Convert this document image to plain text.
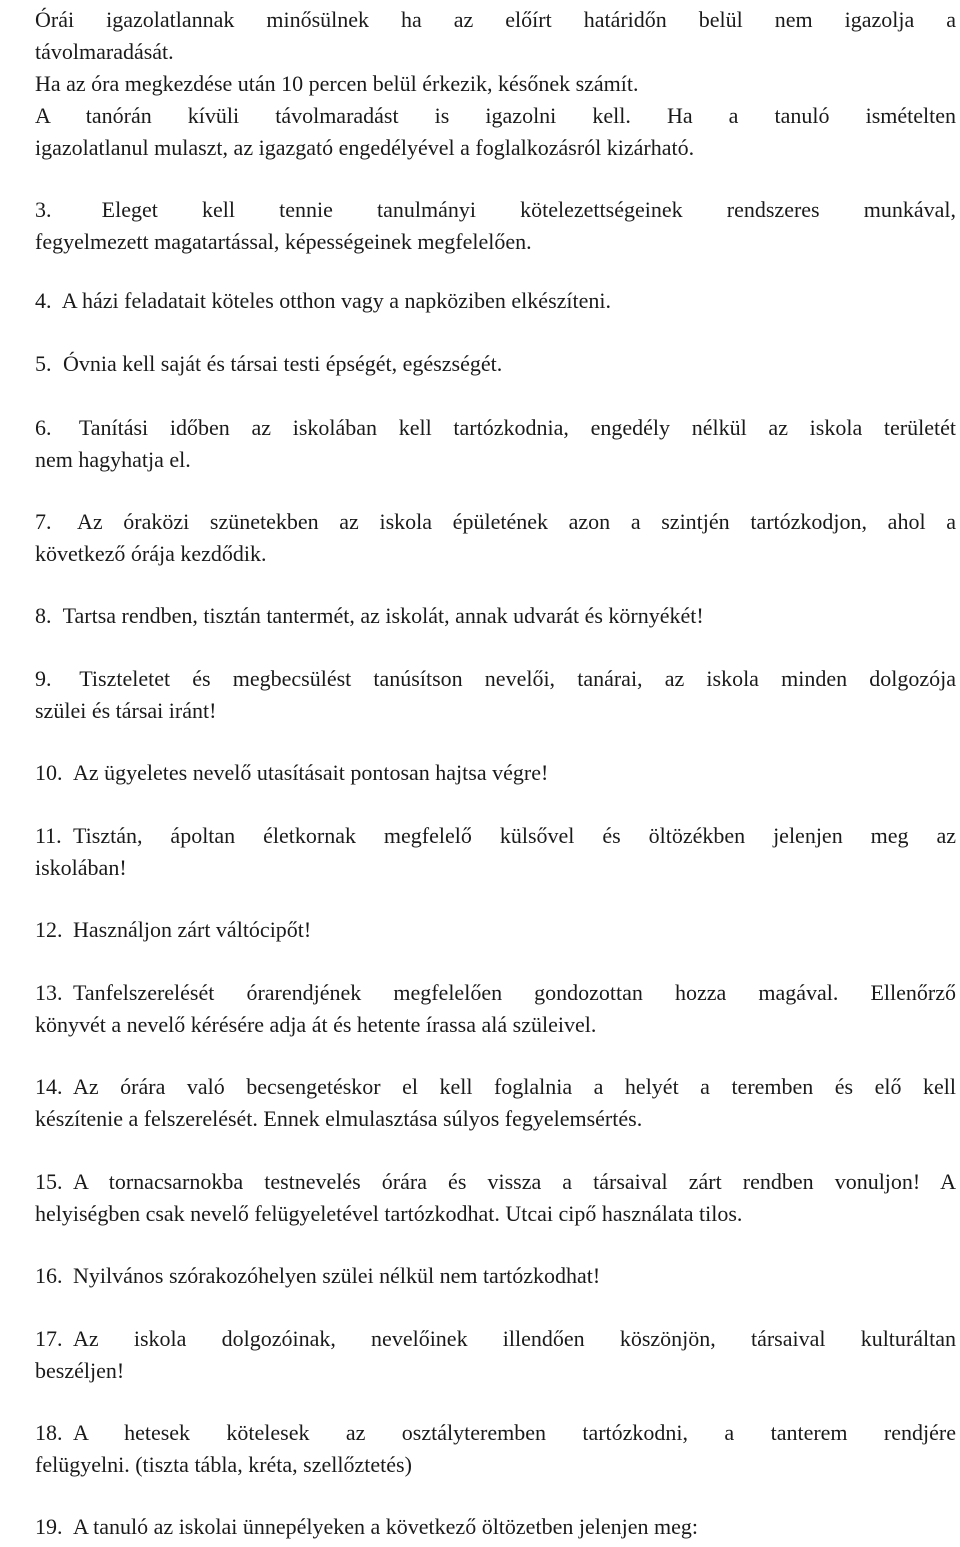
Órái igazolatlannak minősülnek ha az előírt határidőn belül nem igazolja a
távolmaradását.
Ha az óra megkezdése után 10 percen belül érkezik, későnek számít.
A tanórán kívüli távolmaradást is igazolni kell. Ha a tanuló ismételten
igazolatlanul mulaszt, az igazgató engedélyével a foglalkozásról kizárható.
3. Eleget kell tennie tanulmányi kötelezettségeinek rendszeres munkával,
fegyelmezett magatartással, képességeinek megfelelően.
4. A házi feladatait köteles otthon vagy a napköziben elkészíteni.
5. Óvnia kell saját és társai testi épségét, egészségét.
6. Tanítási időben az iskolában kell tartózkodnia, engedély nélkül az iskola területét
nem hagyhatja el.
7. Az óraközi szünetekben az iskola épületének azon a szintjén tartózkodjon, ahol a
következő órája kezdődik.
8. Tartsa rendben, tisztán tantermét, az iskolát, annak udvarát és környékét!
9. Tiszteletet és megbecsülést tanúsítson nevelői, tanárai, az iskola minden dolgozója
szülei és társai iránt!
10. Az ügyeletes nevelő utasításait pontosan hajtsa végre!
11. Tisztán, ápoltan életkornak megfelelő külsővel és öltözékben jelenjen meg az
iskolában!
12. Használjon zárt váltócipőt!
13. Tanfelszerelését órarendjének megfelelően gondozottan hozza magával. Ellenőrző
könyvét a nevelő kérésére adja át és hetente írassa alá szüleivel.
14. Az órára való becsengetéskor el kell foglalnia a helyét a teremben és elő kell
készítenie a felszerelését. Ennek elmulasztása súlyos fegyelemsértés.
15. A tornacsarnokba testnevelés órára és vissza a társaival zárt rendben vonuljon! A
helyiségben csak nevelő felügyeletével tartózkodhat. Utcai cipő használata tilos.
16. Nyilvános szórakozóhelyen szülei nélkül nem tartózkodhat!
17. Az iskola dolgozóinak, nevelőinek illendően köszönjön, társaival kulturáltan
beszéljen!
18. A hetesek kötelesek az osztályteremben tartózkodni, a tanterem rendjére
felügyelni. (tiszta tábla, kréta, szellőztetés)
19. A tanuló az iskolai ünnepélyeken a következő öltözetben jelenjen meg:
